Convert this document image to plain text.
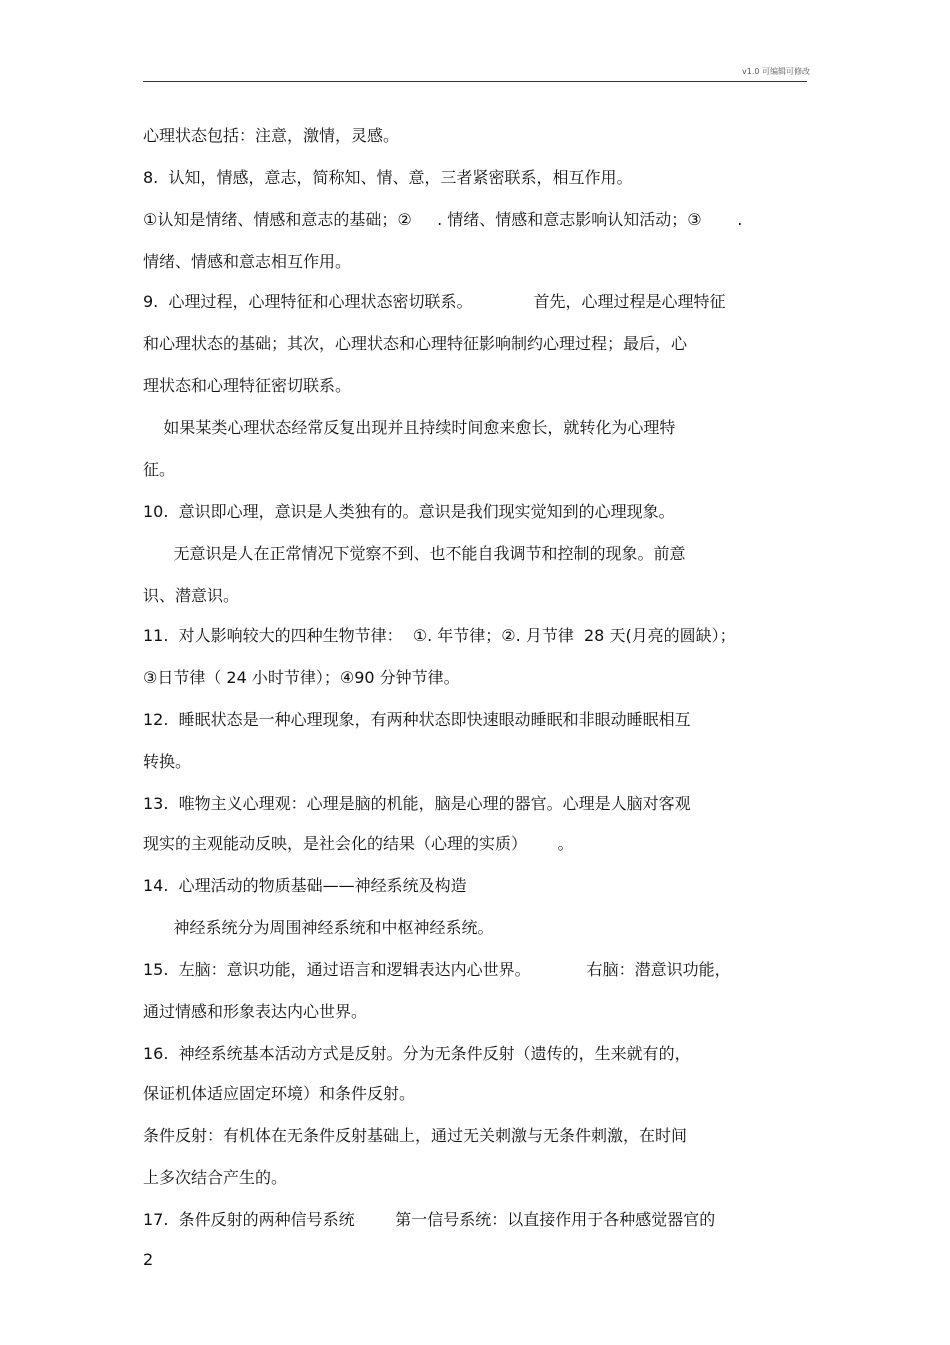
v1.0 可编辑可修改
心理状态包括：注意，激情，灵感。
8.  认知，情感，意志，简称知、情、意，三者紧密联系，相互作用。
①认知是情绪、情感和意志的基础；②     . 情绪、情感和意志影响认知活动；③       .
情绪、情感和意志相互作用。
9.  心理过程，心理特征和心理状态密切联系。            首先，心理过程是心理特征
和心理状态的基础；其次，心理状态和心理特征影响制约心理过程；最后，心
理状态和心理特征密切联系。
如果某类心理状态经常反复出现并且持续时间愈来愈长，就转化为心理特
征。
10.  意识即心理，意识是人类独有的。意识是我们现实觉知到的心理现象。
无意识是人在正常情况下觉察不到、也不能自我调节和控制的现象。前意
识、潜意识。
11.  对人影响较大的四种生物节律：  ①. 年节律；②. 月节律  28 天(月亮的圆缺）；
③日节律（ 24 小时节律）；④90 分钟节律。
12.  睡眠状态是一种心理现象，有两种状态即快速眼动睡眠和非眼动睡眠相互
转换。
13.  唯物主义心理观：心理是脑的机能，脑是心理的器官。心理是人脑对客观
现实的主观能动反映，是社会化的结果（心理的实质）      。
14.  心理活动的物质基础——神经系统及构造
神经系统分为周围神经系统和中枢神经系统。
15.  左脑：意识功能，通过语言和逻辑表达内心世界。           右脑：潜意识功能，
通过情感和形象表达内心世界。
16.  神经系统基本活动方式是反射。分为无条件反射（遗传的，生来就有的，
保证机体适应固定环境）和条件反射。
条件反射：有机体在无条件反射基础上，通过无关刺激与无条件刺激，在时间
上多次结合产生的。
17.  条件反射的两种信号系统        第一信号系统：以直接作用于各种感觉器官的
2
